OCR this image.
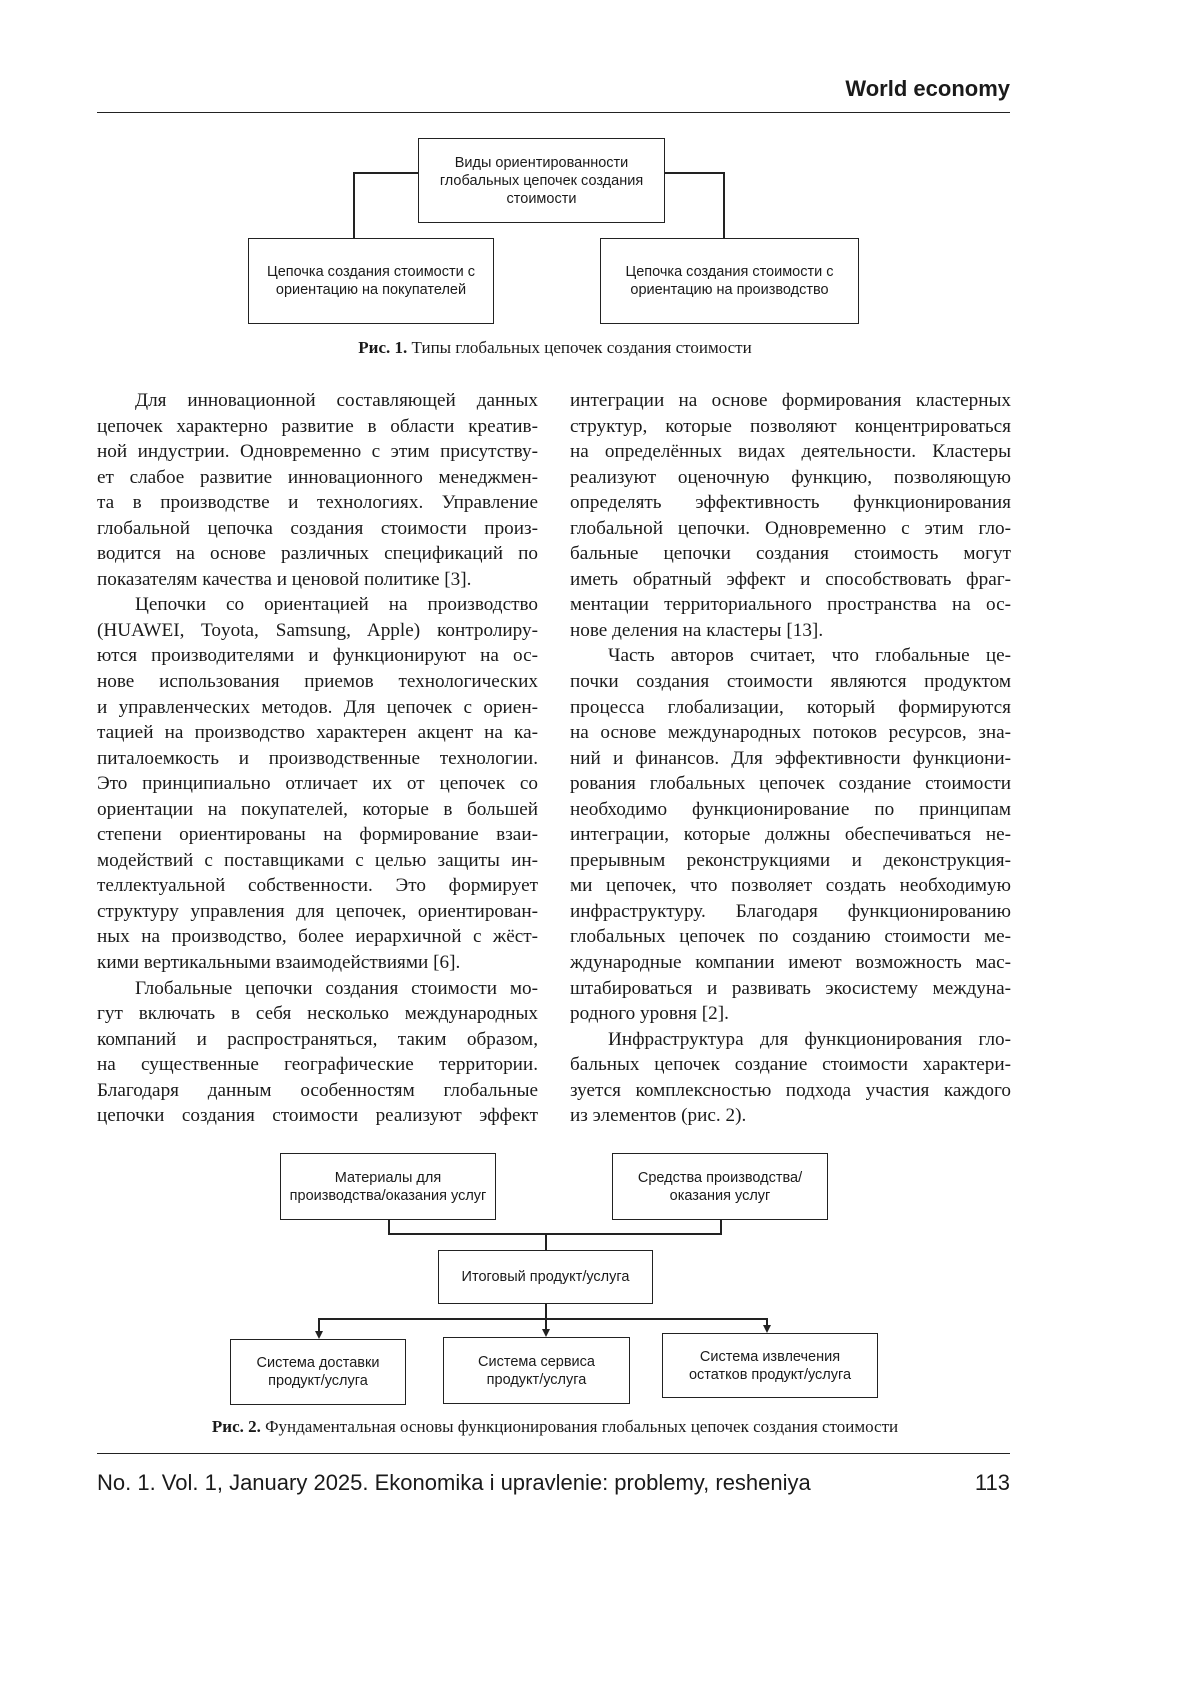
World economy
Виды ориентированности глобальных цепочек создания стоимости
Цепочка создания стоимости с ориентацию на покупателей
Цепочка создания стоимости с ориентацию на производство
Рис. 1. Типы глобальных цепочек создания стоимости
Для инновационной составляющей данных
цепочек характерно развитие в области креатив-
ной индустрии. Одновременно с этим присутству-
ет слабое развитие инновационного менеджмен-
та в производстве и технологиях. Управление
глобальной цепочка создания стоимости произ-
водится на основе различных спецификаций по
показателям качества и ценовой политике [3].
Цепочки со ориентацией на производство
(HUAWEI, Toyota, Samsung, Apple) контролиру-
ются производителями и функционируют на ос-
нове использования приемов технологических
и управленческих методов. Для цепочек с ориен-
тацией на производство характерен акцент на ка-
питалоемкость и производственные технологии.
Это принципиально отличает их от цепочек со
ориентации на покупателей, которые в большей
степени ориентированы на формирование взаи-
модействий с поставщиками с целью защиты ин-
теллектуальной собственности. Это формирует
структуру управления для цепочек, ориентирован-
ных на производство, более иерархичной с жёст-
кими вертикальными взаимодействиями [6].
Глобальные цепочки создания стоимости мо-
гут включать в себя несколько международных
компаний и распространяться, таким образом,
на существенные географические территории.
Благодаря данным особенностям глобальные
цепочки создания стоимости реализуют эффект
интеграции на основе формирования кластерных
структур, которые позволяют концентрироваться
на определённых видах деятельности. Кластеры
реализуют оценочную функцию, позволяющую
определять эффективность функционирования
глобальной цепочки. Одновременно с этим гло-
бальные цепочки создания стоимость могут
иметь обратный эффект и способствовать фраг-
ментации территориального пространства на ос-
нове деления на кластеры [13].
Часть авторов считает, что глобальные це-
почки создания стоимости являются продуктом
процесса глобализации, который формируются
на основе международных потоков ресурсов, зна-
ний и финансов. Для эффективности функциони-
рования глобальных цепочек создание стоимости
необходимо функционирование по принципам
интеграции, которые должны обеспечиваться не-
прерывным реконструкциями и деконструкция-
ми цепочек, что позволяет создать необходимую
инфраструктуру. Благодаря функционированию
глобальных цепочек по созданию стоимости ме-
ждународные компании имеют возможность мас-
штабироваться и развивать экосистему междуна-
родного уровня [2].
Инфраструктура для функционирования гло-
бальных цепочек создание стоимости характери-
зуется комплексностью подхода участия каждого
из элементов (рис. 2).
Материалы для производства/оказания услуг
Средства производства/оказания услуг
Итоговый продукт/услуга
Система доставки продукт/услуга
Система сервиса продукт/услуга
Система извлечения остатков продукт/услуга
Рис. 2. Фундаментальная основы функционирования глобальных цепочек создания стоимости
No. 1. Vol. 1, January 2025. Ekonomika i upravlenie: problemy, resheniya	113
